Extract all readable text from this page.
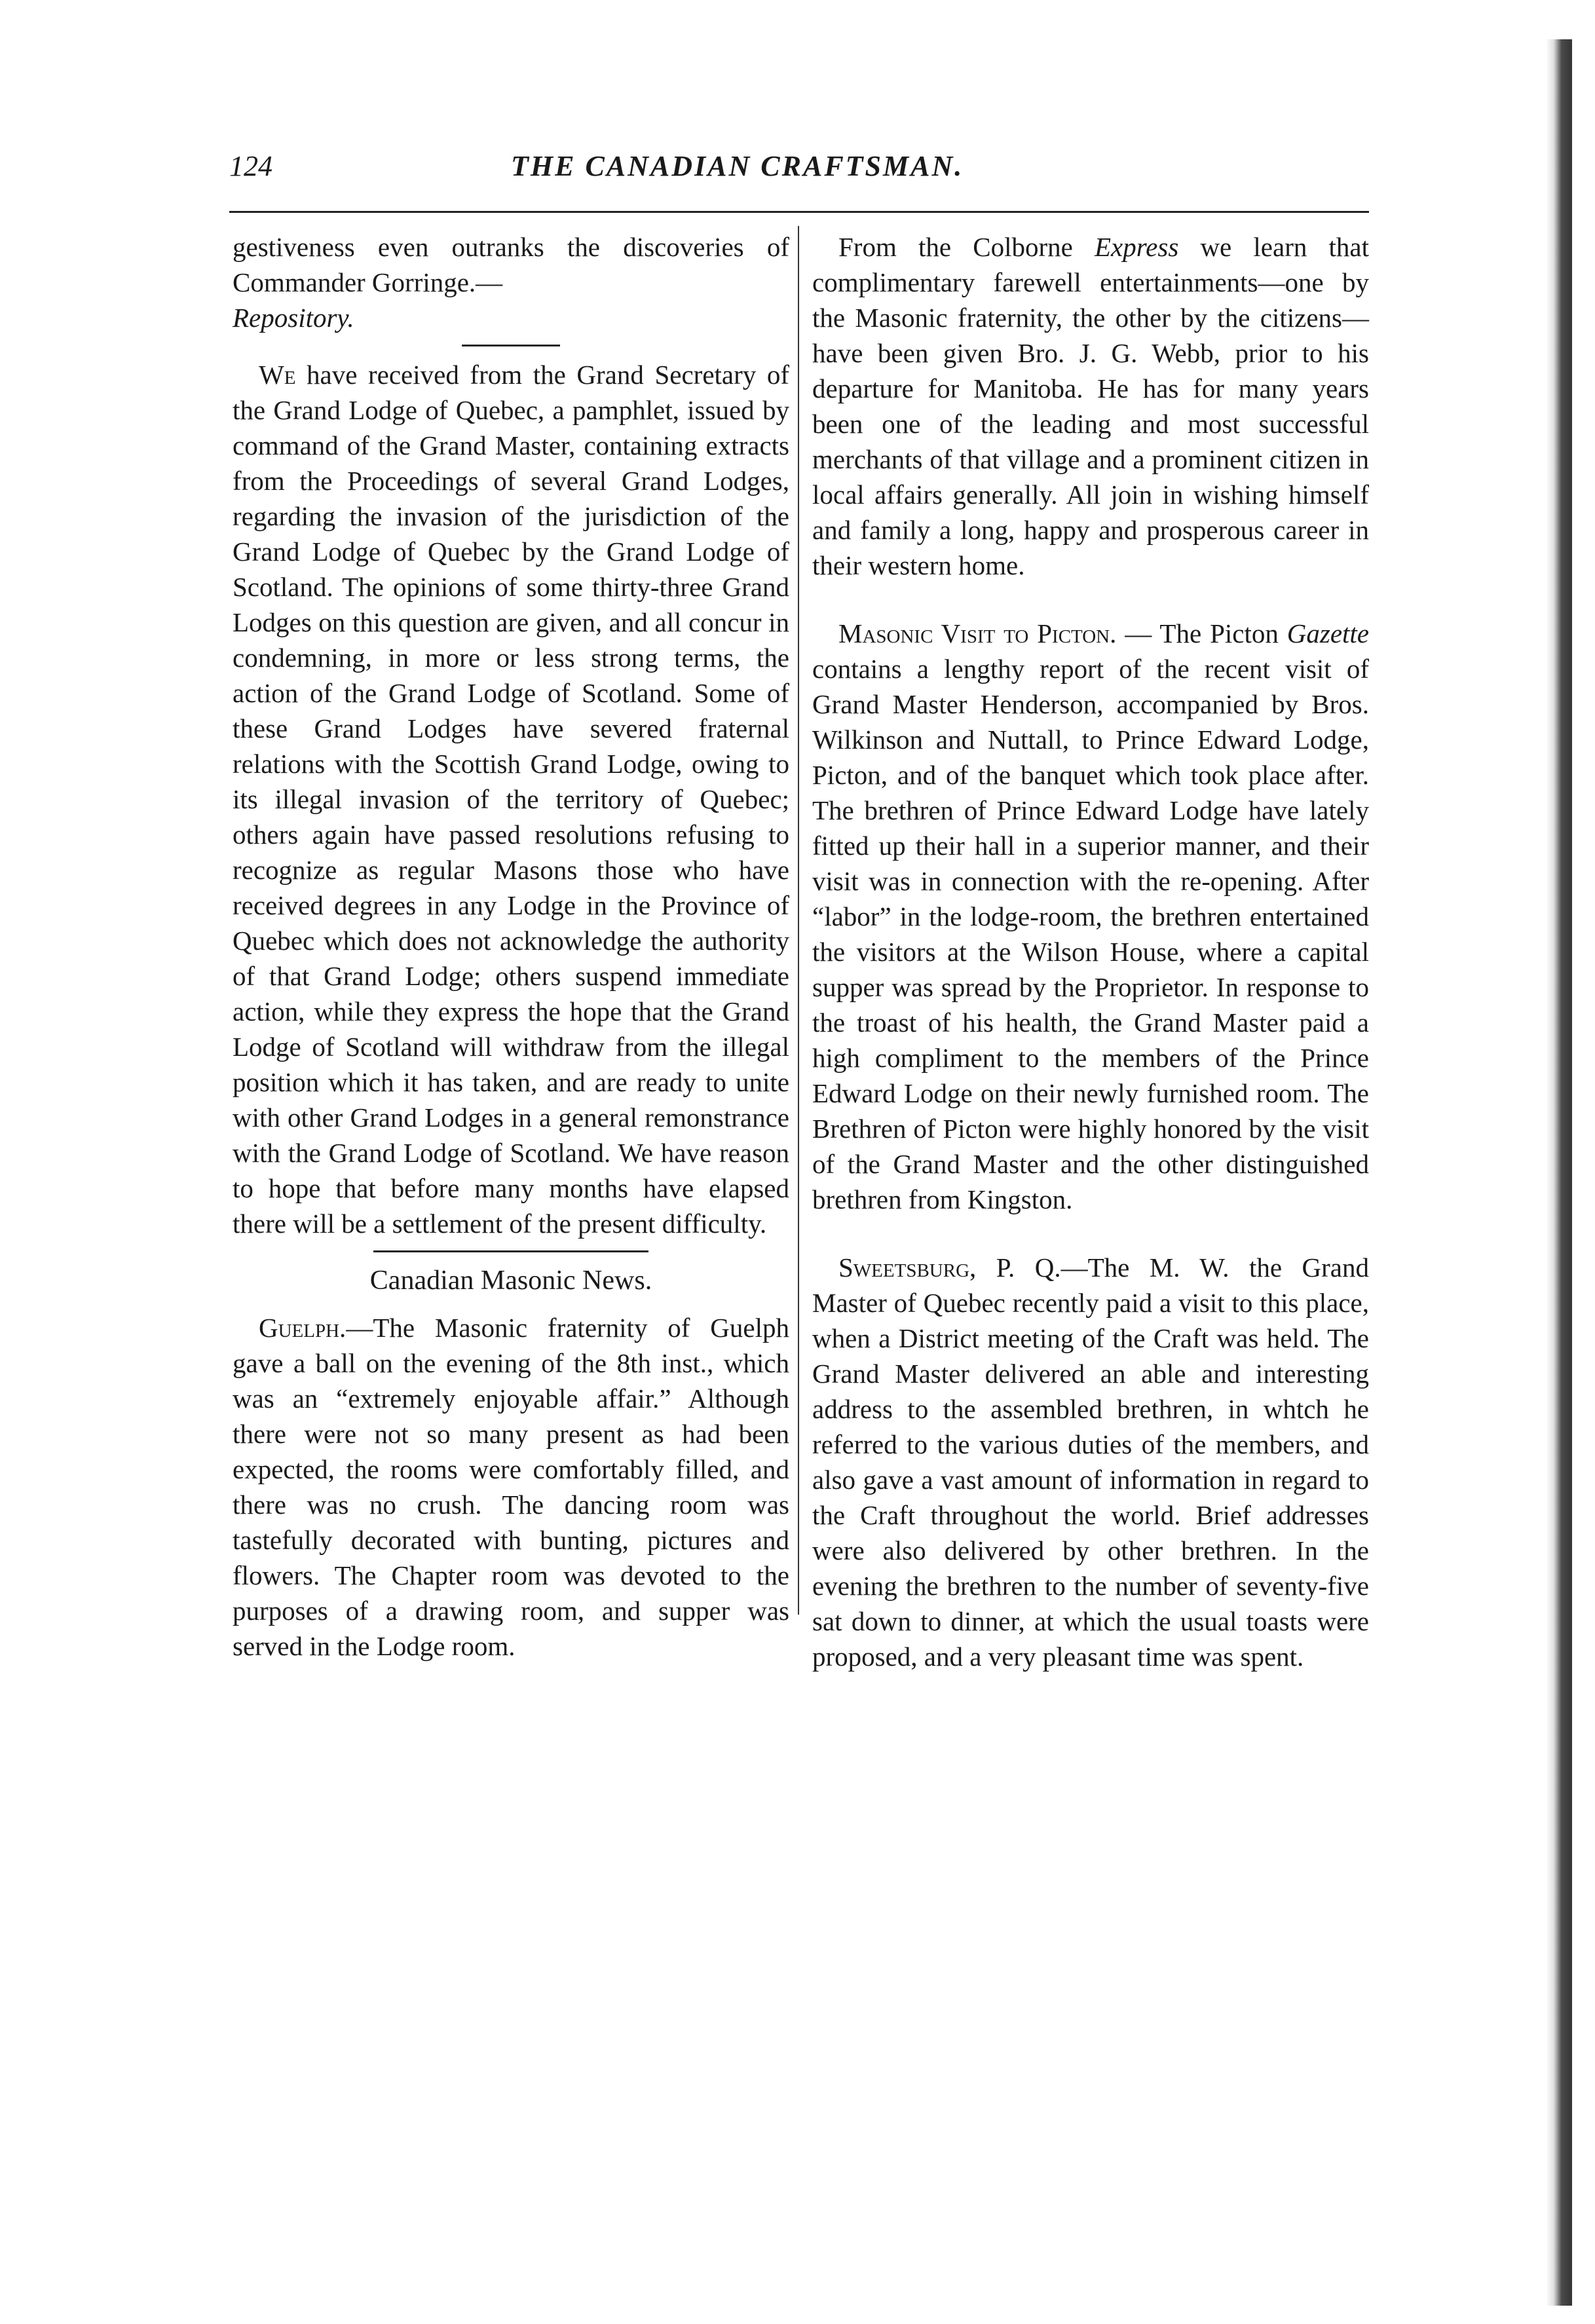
124	THE CANADIAN CRAFTSMAN.

gestiveness even outranks the discoveries of Commander Gorringe.—
Repository.

We have received from the Grand Secretary of the Grand Lodge of Quebec, a pamphlet, issued by command of the Grand Master, containing extracts from the Proceedings of several Grand Lodges, regarding the invasion of the jurisdiction of the Grand Lodge of Quebec by the Grand Lodge of Scotland. The opinions of some thirty-three Grand Lodges on this question are given, and all concur in condemning, in more or less strong terms, the action of the Grand Lodge of Scotland. Some of these Grand Lodges have severed fraternal relations with the Scottish Grand Lodge, owing to its illegal invasion of the territory of Quebec; others again have passed resolutions refusing to recognize as regular Masons those who have received degrees in any Lodge in the Province of Quebec which does not acknowledge the authority of that Grand Lodge; others suspend immediate action, while they express the hope that the Grand Lodge of Scotland will withdraw from the illegal position which it has taken, and are ready to unite with other Grand Lodges in a general remonstrance with the Grand Lodge of Scotland. We have reason to hope that before many months have elapsed there will be a settlement of the present difficulty.

Canadian Masonic News.

Guelph.—The Masonic fraternity of Guelph gave a ball on the evening of the 8th inst., which was an “extremely enjoyable affair.” Although there were not so many present as had been expected, the rooms were comfortably filled, and there was no crush. The dancing room was tastefully decorated with bunting, pictures and flowers. The Chapter room was devoted to the purposes of a drawing room, and supper was served in the Lodge room.

From the Colborne Express we learn that complimentary farewell entertainments—one by the Masonic fraternity, the other by the citizens—have been given Bro. J. G. Webb, prior to his departure for Manitoba. He has for many years been one of the leading and most successful merchants of that village and a prominent citizen in local affairs generally. All join in wishing himself and family a long, happy and prosperous career in their western home.

Masonic Visit to Picton. — The Picton Gazette contains a lengthy report of the recent visit of Grand Master Henderson, accompanied by Bros. Wilkinson and Nuttall, to Prince Edward Lodge, Picton, and of the banquet which took place after. The brethren of Prince Edward Lodge have lately fitted up their hall in a superior manner, and their visit was in connection with the re-opening. After “labor” in the lodge-room, the brethren entertained the visitors at the Wilson House, where a capital supper was spread by the Proprietor. In response to the troast of his health, the Grand Master paid a high compliment to the members of the Prince Edward Lodge on their newly furnished room. The Brethren of Picton were highly honored by the visit of the Grand Master and the other distinguished brethren from Kingston.

Sweetsburg, P. Q.—The M. W. the Grand Master of Quebec recently paid a visit to this place, when a District meeting of the Craft was held. The Grand Master delivered an able and interesting address to the assembled brethren, in whtch he referred to the various duties of the members, and also gave a vast amount of information in regard to the Craft throughout the world. Brief addresses were also delivered by other brethren. In the evening the brethren to the number of seventy-five sat down to dinner, at which the usual toasts were proposed, and a very pleasant time was spent.
